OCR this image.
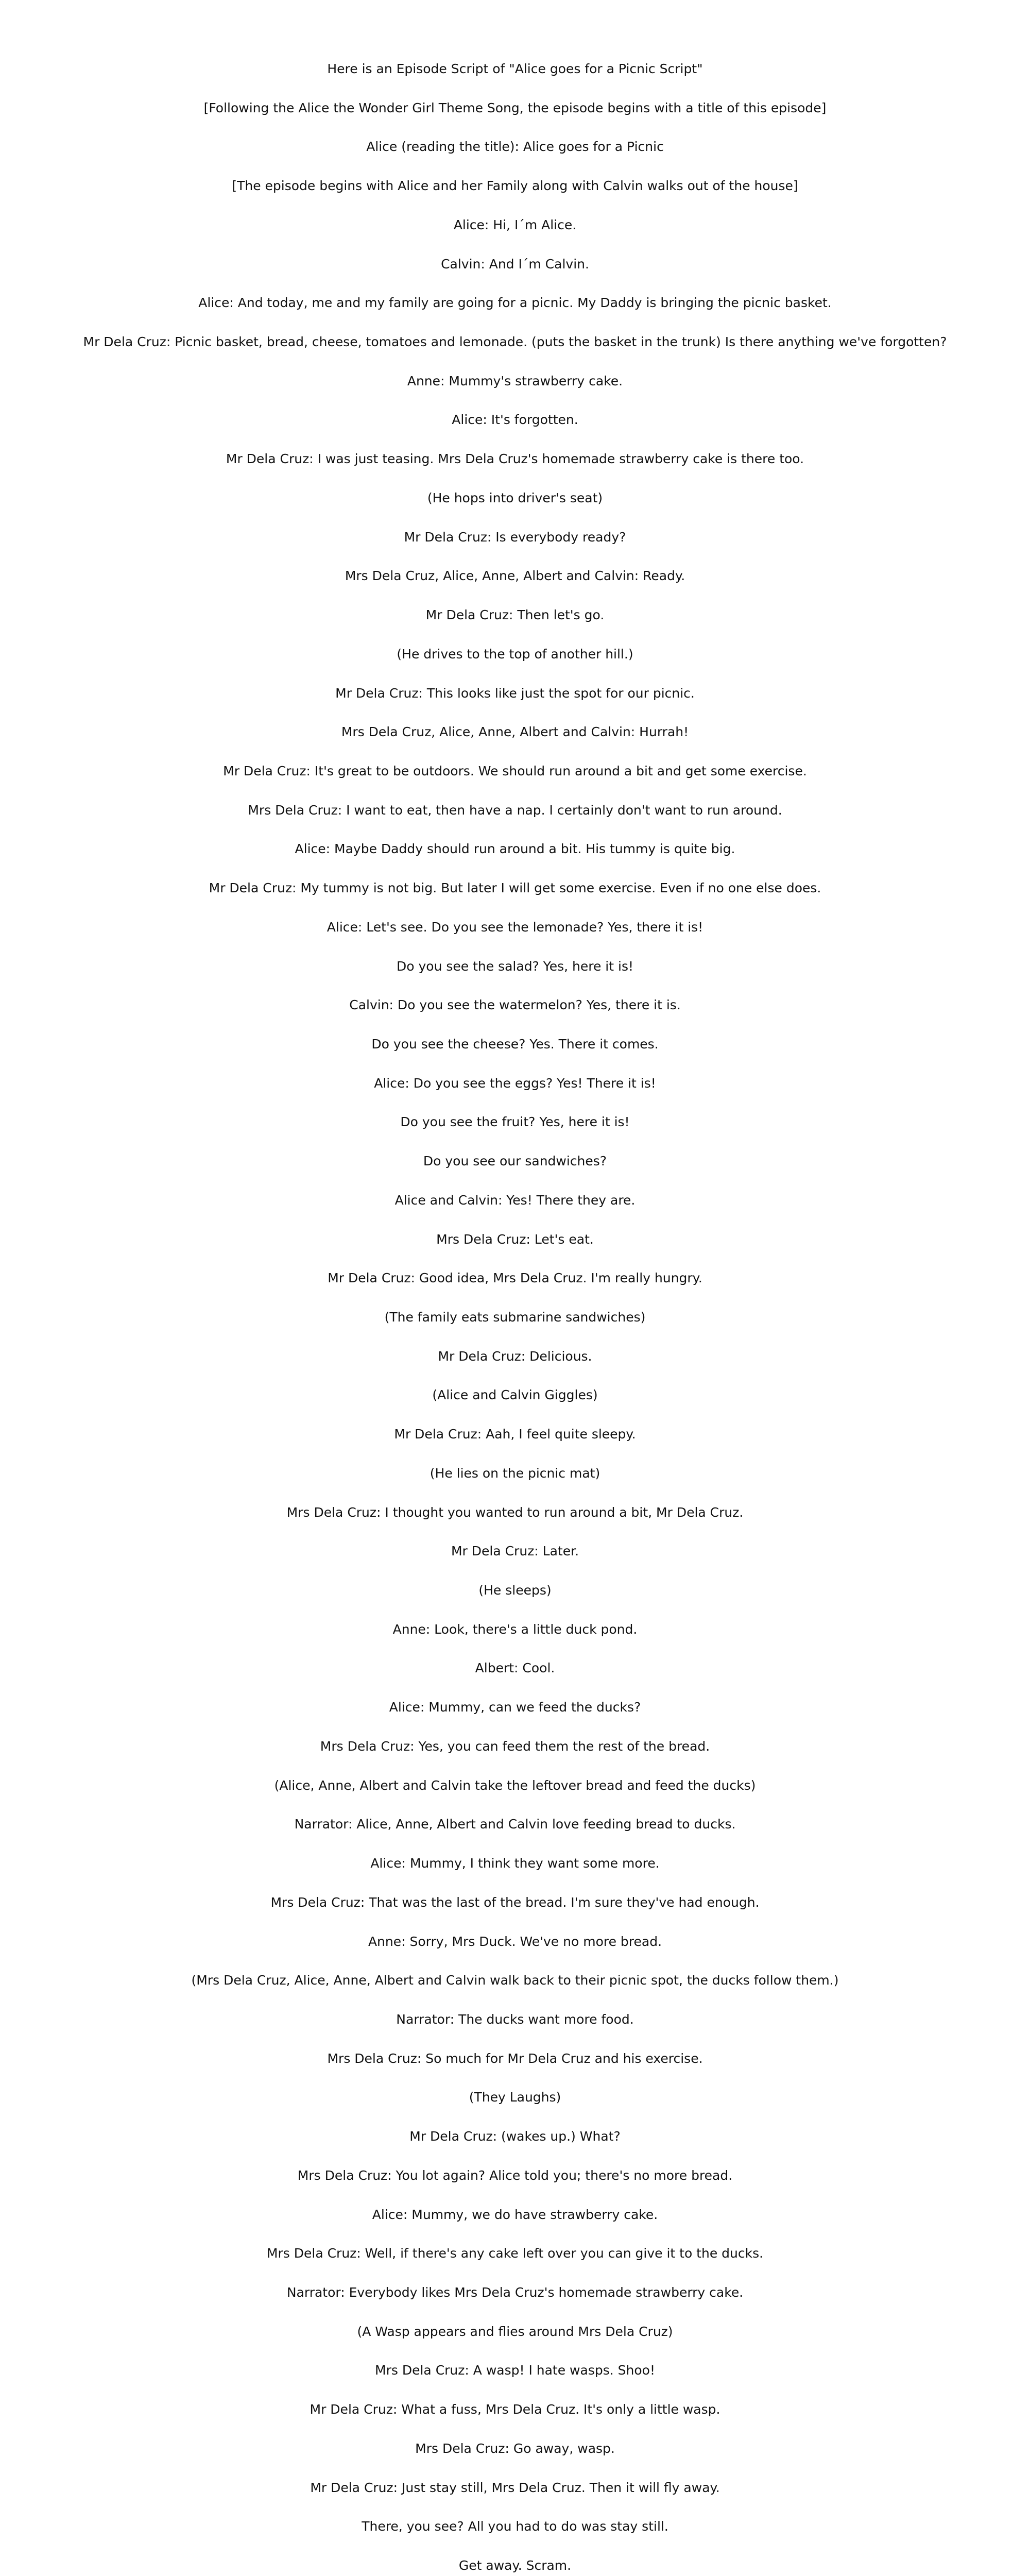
Here is an Episode Script of "Alice goes for a Picnic Script"
[Following the Alice the Wonder Girl Theme Song, the episode begins with a title of this episode]
Alice (reading the title): Alice goes for a Picnic
[The episode begins with Alice and her Family along with Calvin walks out of the house]
Alice: Hi, I´m Alice.
Calvin: And I´m Calvin.
Alice: And today, me and my family are going for a picnic. My Daddy is bringing the picnic basket.
Mr Dela Cruz: Picnic basket, bread, cheese, tomatoes and lemonade. (puts the basket in the trunk) Is there anything we've forgotten?
Anne: Mummy's strawberry cake.
Alice: It's forgotten.
Mr Dela Cruz: I was just teasing. Mrs Dela Cruz's homemade strawberry cake is there too.
(He hops into driver's seat)
Mr Dela Cruz: Is everybody ready?
Mrs Dela Cruz, Alice, Anne, Albert and Calvin: Ready.
Mr Dela Cruz: Then let's go.
(He drives to the top of another hill.)
Mr Dela Cruz: This looks like just the spot for our picnic.
Mrs Dela Cruz, Alice, Anne, Albert and Calvin: Hurrah!
Mr Dela Cruz: It's great to be outdoors. We should run around a bit and get some exercise.
Mrs Dela Cruz: I want to eat, then have a nap. I certainly don't want to run around.
Alice: Maybe Daddy should run around a bit. His tummy is quite big.
Mr Dela Cruz: My tummy is not big. But later I will get some exercise. Even if no one else does.
Alice: Let's see. Do you see the lemonade? Yes, there it is!
Do you see the salad? Yes, here it is!
Calvin: Do you see the watermelon? Yes, there it is.
Do you see the cheese? Yes. There it comes.
Alice: Do you see the eggs? Yes! There it is!
Do you see the fruit? Yes, here it is!
Do you see our sandwiches?
Alice and Calvin: Yes! There they are.
Mrs Dela Cruz: Let's eat.
Mr Dela Cruz: Good idea, Mrs Dela Cruz. I'm really hungry.
(The family eats submarine sandwiches)
Mr Dela Cruz: Delicious.
(Alice and Calvin Giggles)
Mr Dela Cruz: Aah, I feel quite sleepy.
(He lies on the picnic mat)
Mrs Dela Cruz: I thought you wanted to run around a bit, Mr Dela Cruz.
Mr Dela Cruz: Later.
(He sleeps)
Anne: Look, there's a little duck pond.
Albert: Cool.
Alice: Mummy, can we feed the ducks?
Mrs Dela Cruz: Yes, you can feed them the rest of the bread.
(Alice, Anne, Albert and Calvin take the leftover bread and feed the ducks)
Narrator: Alice, Anne, Albert and Calvin love feeding bread to ducks.
Alice: Mummy, I think they want some more.
Mrs Dela Cruz: That was the last of the bread. I'm sure they've had enough.
Anne: Sorry, Mrs Duck. We've no more bread.
(Mrs Dela Cruz, Alice, Anne, Albert and Calvin walk back to their picnic spot, the ducks follow them.)
Narrator: The ducks want more food.
Mrs Dela Cruz: So much for Mr Dela Cruz and his exercise.
(They Laughs)
Mr Dela Cruz: (wakes up.) What?
Mrs Dela Cruz: You lot again? Alice told you; there's no more bread.
Alice: Mummy, we do have strawberry cake.
Mrs Dela Cruz: Well, if there's any cake left over you can give it to the ducks.
Narrator: Everybody likes Mrs Dela Cruz's homemade strawberry cake.
(A Wasp appears and flies around Mrs Dela Cruz)
Mrs Dela Cruz: A wasp! I hate wasps. Shoo!
Mr Dela Cruz: What a fuss, Mrs Dela Cruz. It's only a little wasp.
Mrs Dela Cruz: Go away, wasp.
Mr Dela Cruz: Just stay still, Mrs Dela Cruz. Then it will fly away.
There, you see? All you had to do was stay still.
Get away. Scram.
